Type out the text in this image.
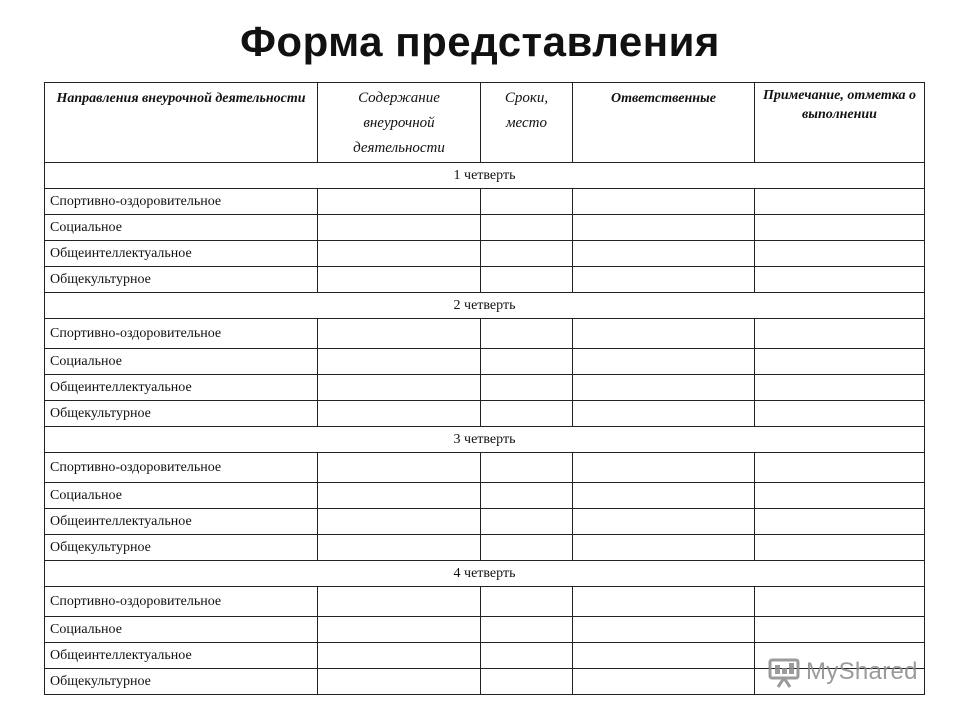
Форма представления
Направления внеурочной деятельности	Содержание внеурочной деятельности	Сроки, место	Ответственные	Примечание, отметка о выполнении
1 четверть				
Спортивно-оздоровительное				
Социальное				
Общеинтеллектуальное				
Общекультурное				
2 четверть				
Спортивно-оздоровительное				
Социальное				
Общеинтеллектуальное				
Общекультурное				
3 четверть				
Спортивно-оздоровительное				
Социальное				
Общеинтеллектуальное				
Общекультурное				
4 четверть				
Спортивно-оздоровительное				
Социальное				
Общеинтеллектуальное				
Общекультурное					MyShared
